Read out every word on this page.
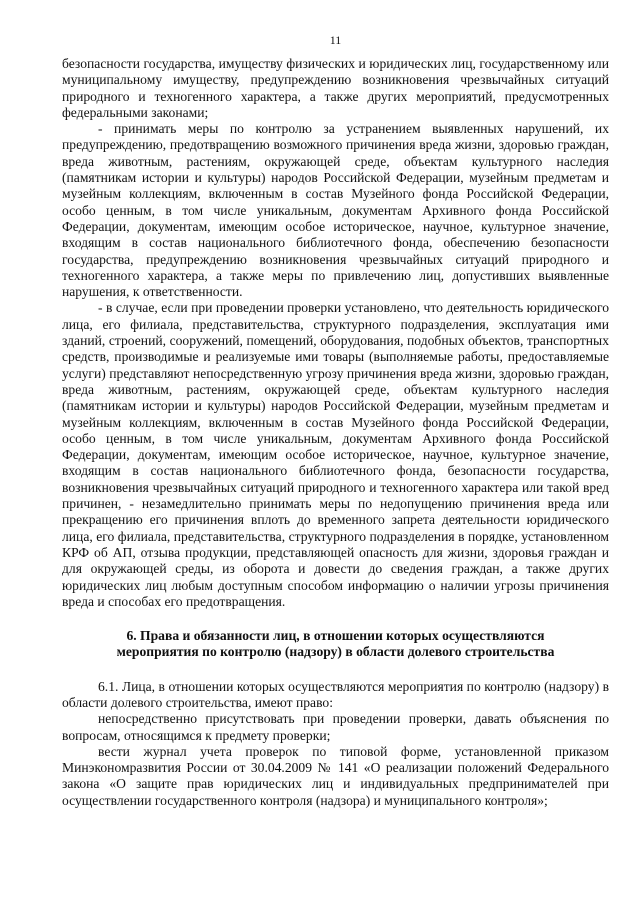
11

безопасности государства, имуществу физических и юридических лиц, государственному или муниципальному имуществу, предупреждению возникновения чрезвычайных ситуаций природного и техногенного характера, а также других мероприятий, предусмотренных федеральными законами;

- принимать меры по контролю за устранением выявленных нарушений, их предупреждению, предотвращению возможного причинения вреда жизни, здоровью граждан, вреда животным, растениям, окружающей среде, объектам культурного наследия (памятникам истории и культуры) народов Российской Федерации, музейным предметам и музейным коллекциям, включенным в состав Музейного фонда Российской Федерации, особо ценным, в том числе уникальным, документам Архивного фонда Российской Федерации, документам, имеющим особое историческое, научное, культурное значение, входящим в состав национального библиотечного фонда, обеспечению безопасности государства, предупреждению возникновения чрезвычайных ситуаций природного и техногенного характера, а также меры по привлечению лиц, допустивших выявленные нарушения, к ответственности.

- в случае, если при проведении проверки установлено, что деятельность юридического лица, его филиала, представительства, структурного подразделения, эксплуатация ими зданий, строений, сооружений, помещений, оборудования, подобных объектов, транспортных средств, производимые и реализуемые ими товары (выполняемые работы, предоставляемые услуги) представляют непосредственную угрозу причинения вреда жизни, здоровью граждан, вреда животным, растениям, окружающей среде, объектам культурного наследия (памятникам истории и культуры) народов Российской Федерации, музейным предметам и музейным коллекциям, включенным в состав Музейного фонда Российской Федерации, особо ценным, в том числе уникальным, документам Архивного фонда Российской Федерации, документам, имеющим особое историческое, научное, культурное значение, входящим в состав национального библиотечного фонда, безопасности государства, возникновения чрезвычайных ситуаций природного и техногенного характера или такой вред причинен, - незамедлительно принимать меры по недопущению причинения вреда или прекращению его причинения вплоть до временного запрета деятельности юридического лица, его филиала, представительства, структурного подразделения в порядке, установленном КРФ об АП, отзыва продукции, представляющей опасность для жизни, здоровья граждан и для окружающей среды, из оборота и довести до сведения граждан, а также других юридических лиц любым доступным способом информацию о наличии угрозы причинения вреда и способах его предотвращения.

6. Права и обязанности лиц, в отношении которых осуществляются
мероприятия по контролю (надзору) в области долевого строительства

6.1. Лица, в отношении которых осуществляются мероприятия по контролю (надзору) в области долевого строительства, имеют право:

непосредственно присутствовать при проведении проверки, давать объяснения по вопросам, относящимся к предмету проверки;

вести журнал учета проверок по типовой форме, установленной приказом Минэкономразвития России от 30.04.2009 № 141 «О реализации положений Федерального закона «О защите прав юридических лиц и индивидуальных предпринимателей при осуществлении государственного контроля (надзора) и муниципального контроля»;
